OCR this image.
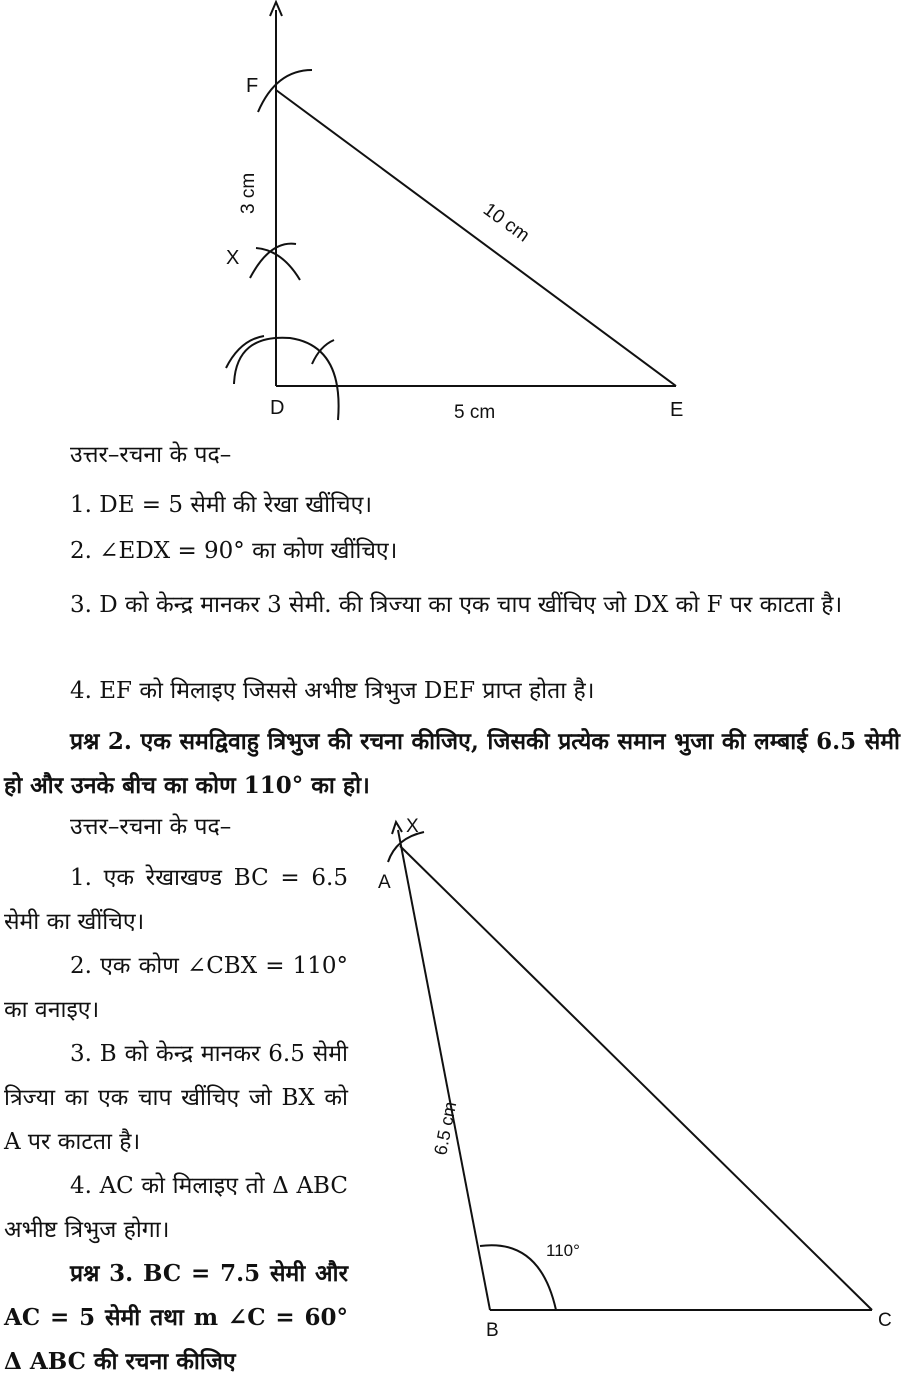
F
X
D	E
3 cm
10 cm
5 cm
उत्तर–रचना के पद–
1. DE = 5 सेमी की रेखा खींचिए।
2. ∠EDX = 90° का कोण खींचिए।

3. D को केन्द्र मानकर 3 सेमी. की त्रिज्या का एक चाप खींचिए जो DX को F पर काटता है।

4. EF को मिलाइए जिससे अभीष्ट त्रिभुज DEF प्राप्त होता है।

प्रश्न 2. एक समद्विवाहु त्रिभुज की रचना कीजिए, जिसकी प्रत्येक समान भुजा की लम्बाई 6.5 सेमी हो और उनके बीच का कोण 110° का हो।

उत्तर–रचना के पद–

1. एक रेखाखण्ड BC = 6.5 सेमी का खींचिए।

2. एक कोण ∠CBX = 110° का वनाइए।

3. B को केन्द्र मानकर 6.5 सेमी त्रिज्या का एक चाप खींचिए जो BX को A पर काटता है।

4. AC को मिलाइए तो Δ ABC अभीष्ट त्रिभुज होगा।

प्रश्न 3. BC = 7.5 सेमी और AC = 5 सेमी तथा m ∠C = 60° Δ ABC की रचना कीजिए

X
A
B	C
6.5 cm
110°
